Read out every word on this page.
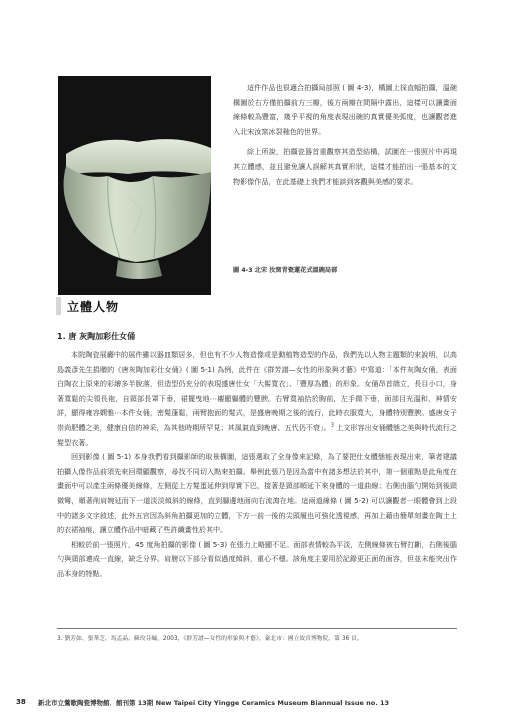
這件作品也很適合拍攝局部照 ( 圖 4-3)，構圖上採直幅拍攝，溫碗構圖於右方僅拍攝前方三瓣，後方兩瓣在間隔中露出，這樣可以讓畫面線條較為豐富，幾乎平視的角度表現出碗的真實優美弧度，也讓觀者進入北宋汝窯冰裂釉色的世界。

綜上所說，拍攝瓷器首重觀察其造型結構，試圖在一張照片中再現其立體感，並且避免讓人誤解其真實形狀，這樣才能拍出一張基本的文物影像作品，在此基礎上我們才能談到客觀與美感的要求。

圖 4-3 北宋 汝窯青瓷蓮花式溫碗局部
立體人物
1. 唐 灰陶加彩仕女俑

本院陶瓷展廳中的展件雖以器皿類居多，但也有不少人物造像或是動植物造型的作品，我們先以人物主題類的來說明，以高島義彥先生捐贈的《唐灰陶加彩仕女俑》( 圖 5-1) 為例，此件在《群芳譜—女性的形象與才藝》中寫道：「本件灰陶女俑，表面白陶衣上原來的彩繪多半脫落，但造型仍充分的表現盛唐仕女「大髻寬衣」、「豐厚為體」的形象。女俑昂首端立，長目小口，身著寬鬆的尖領長袍，自頸部長罩下垂，裙擺曳地⋯襯顯軀體的豐腴。右臂寬袖拾於胸前，左手微下垂，面部目光溫和，神情安詳，顯得雍容嫻雅⋯本件女俑，密髮蓬鬆，兩臂抱面的髮式，是盛唐晚期之後的流行，此時衣服寬大，身體特別豐腴。盛唐女子崇尚肥體之美，健康自信的神采，為其他時期所罕見；其風氣直到晚唐、五代仍不衰」。$^3$ 上文形容出女俑體態之美與時代流行之髮型衣著。

回到影像 ( 圖 5-1) 本身我們看到攝影師的取景構圖，這張選取了全身像來記錄，為了要把仕女體態能表現出來，筆者建議拍攝人像作品前須先來回環顧觀察，尋找不同切入點來拍攝。舉例此張乃是因為當中有諸多想法於其中，第一個重點是此角度在畫面中可以產生兩條優美線條，左側從上方髮蛋延伸到厚實下巴，接著是頸部順延下來身體的一道曲線；右側由腦勺開始到後頸微彎，順著削肩婉延而下一道淡淡傾斜的線條，直到腳邊地面向右流瀉在地。這兩道線條 ( 圖 5-2) 可以讓觀者一眼體會到上段中的諸多文字敘述，此外五官因為斜角拍攝更加的立體，下方一前一後的尖頭履也可強化透視感，再加上藉由簡單刻畫在陶土上的衣裙袖痕，讓立體作品中暗藏了些許纖畫性於其中。

相較於前一張照片，45 度角拍攝的影像 ( 圖 5-3) 在張力上略顯不足。面部表情較為平淡，左側線條被右臂打斷，右側後腦勺與頸部連成一直線，缺乏分界。肩膀以下部分看似過度傾斜，重心不穩。該角度主要用於記錄更正面的面容，但並未能突出作品本身的特點。

3. 劉芳如、張華芝、馬孟晶、蘇玫芬編，2003，《群芳譜—女性的形象與才藝》，臺北市：國立故宮博物院，第 36 頁。
38 新北市立鶯歌陶瓷博物館．館刊第 13期 New Taipei City Yingge Ceramics Museum Biannual Issue no. 13
